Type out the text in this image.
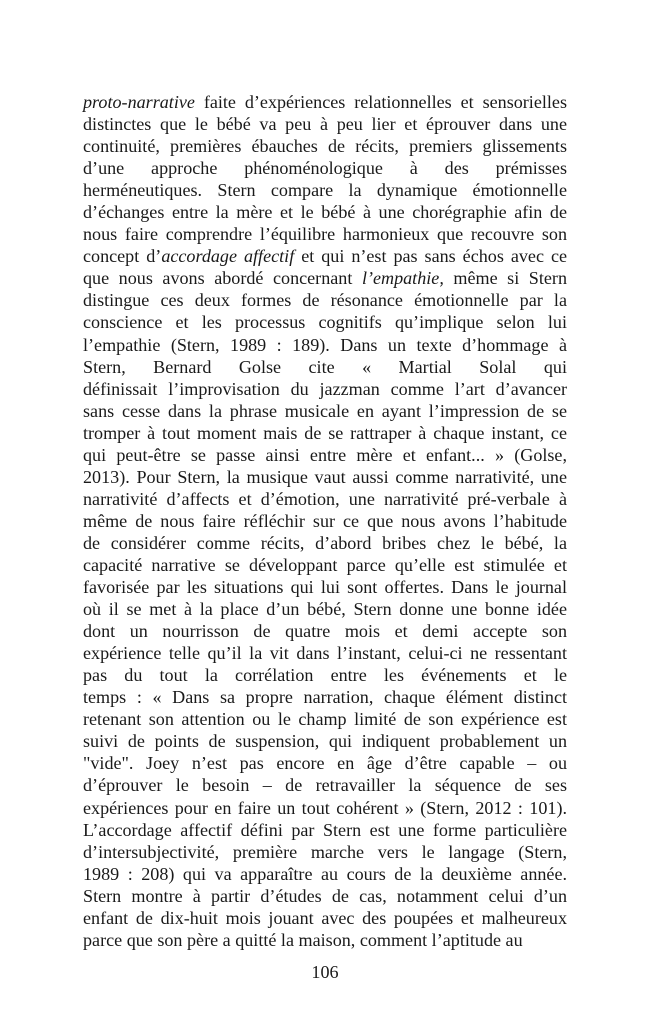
proto-narrative faite d’expériences relationnelles et sensorielles
distinctes que le bébé va peu à peu lier et éprouver dans une
continuité, premières ébauches de récits, premiers glissements
d’une approche phénoménologique à des prémisses
herméneutiques. Stern compare la dynamique émotionnelle
d’échanges entre la mère et le bébé à une chorégraphie afin de
nous faire comprendre l’équilibre harmonieux que recouvre son
concept d’accordage affectif et qui n’est pas sans échos avec ce
que nous avons abordé concernant l’empathie, même si Stern
distingue ces deux formes de résonance émotionnelle par la
conscience et les processus cognitifs qu’implique selon lui
l’empathie (Stern, 1989 : 189). Dans un texte d’hommage à
Stern, Bernard Golse cite « Martial Solal qui
définissait l’improvisation du jazzman comme l’art d’avancer
sans cesse dans la phrase musicale en ayant l’impression de se
tromper à tout moment mais de se rattraper à chaque instant, ce
qui peut-être se passe ainsi entre mère et enfant... » (Golse,
2013). Pour Stern, la musique vaut aussi comme narrativité, une
narrativité d’affects et d’émotion, une narrativité pré-verbale à
même de nous faire réfléchir sur ce que nous avons l’habitude
de considérer comme récits, d’abord bribes chez le bébé, la
capacité narrative se développant parce qu’elle est stimulée et
favorisée par les situations qui lui sont offertes. Dans le journal
où il se met à la place d’un bébé, Stern donne une bonne idée
dont un nourrisson de quatre mois et demi accepte son
expérience telle qu’il la vit dans l’instant, celui-ci ne ressentant
pas du tout la corrélation entre les événements et le
temps : « Dans sa propre narration, chaque élément distinct
retenant son attention ou le champ limité de son expérience est
suivi de points de suspension, qui indiquent probablement un
"vide". Joey n’est pas encore en âge d’être capable – ou
d’éprouver le besoin – de retravailler la séquence de ses
expériences pour en faire un tout cohérent » (Stern, 2012 : 101).
L’accordage affectif défini par Stern est une forme particulière
d’intersubjectivité, première marche vers le langage (Stern,
1989 : 208) qui va apparaître au cours de la deuxième année.
Stern montre à partir d’études de cas, notamment celui d’un
enfant de dix-huit mois jouant avec des poupées et malheureux
parce que son père a quitté la maison, comment l’aptitude au
106
